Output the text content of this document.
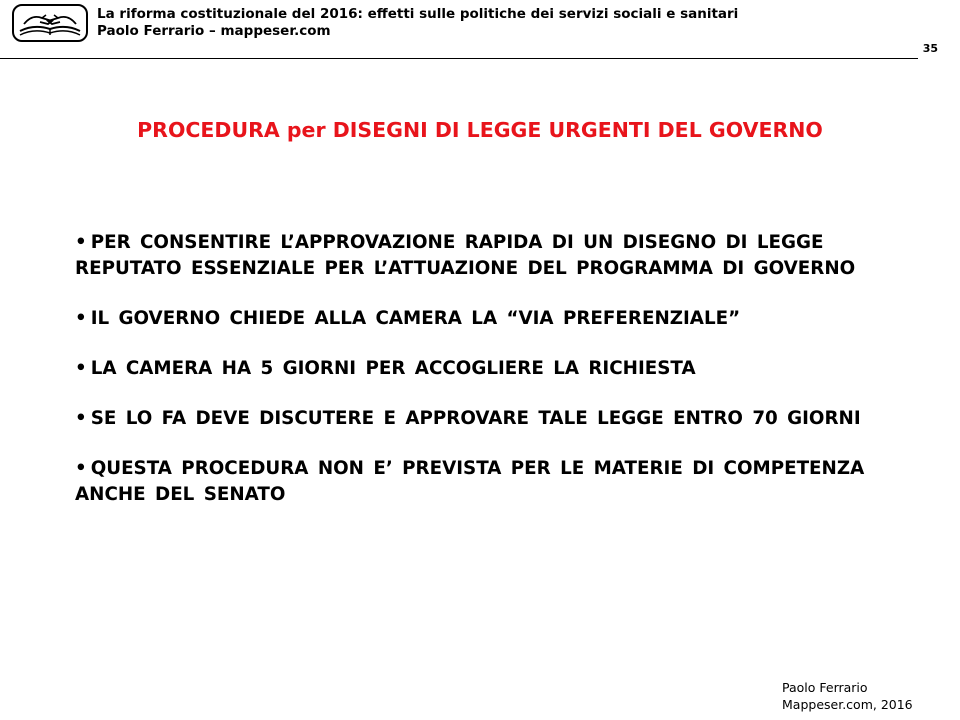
La riforma costituzionale del 2016: effetti sulle politiche dei servizi sociali e sanitari
Paolo Ferrario – mappeser.com
35
PROCEDURA per DISEGNI DI LEGGE URGENTI DEL GOVERNO
• PER CONSENTIRE L’APPROVAZIONE RAPIDA DI UN DISEGNO DI LEGGE REPUTATO ESSENZIALE PER L’ATTUAZIONE DEL PROGRAMMA DI GOVERNO
• IL GOVERNO CHIEDE ALLA CAMERA LA “VIA PREFERENZIALE”
• LA CAMERA HA 5 GIORNI PER ACCOGLIERE LA RICHIESTA
• SE LO FA DEVE DISCUTERE E APPROVARE TALE LEGGE ENTRO 70 GIORNI
• QUESTA PROCEDURA NON E’ PREVISTA PER LE MATERIE DI COMPETENZA ANCHE DEL SENATO
Paolo Ferrario
Mappeser.com, 2016
